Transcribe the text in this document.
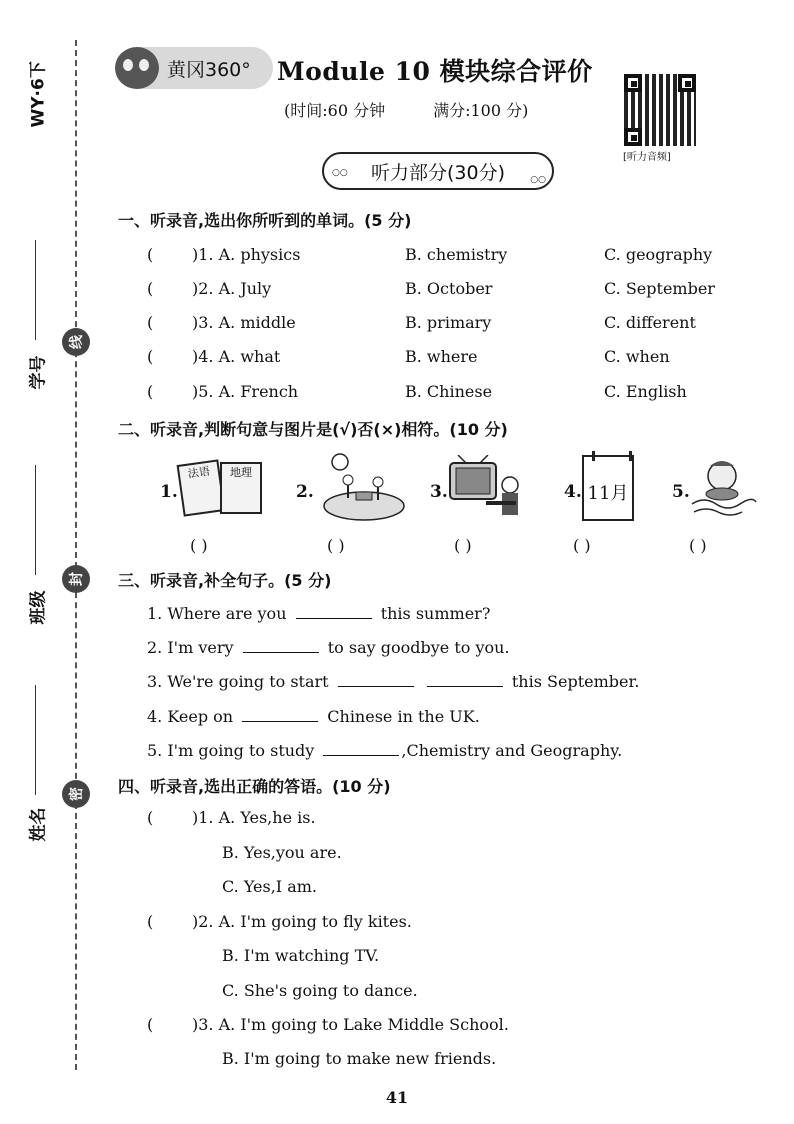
WY·6下
学号
班级
姓名
线
封
密
黄冈360° Module 10 模块综合评价
(时间:60 分钟	满分:100 分)
[听力音频]
○○ 听力部分(30分)	○○
一、听录音,选出你所听到的单词。(5 分)
( )1. A. physics	B. chemistry	C. geography
( )2. A. July	B. October	C. September
( )3. A. middle	B. primary	C. different
( )4. A. what	B. where	C. when
( )5. A. French	B. Chinese	C. English
二、听录音,判断句意与图片是(√)否(×)相符。(10 分)
1.
法语	地理
2.	3.	4. 11月	5.
( )	( )	( )	( )	( )
三、听录音,补全句子。(5 分)
1. Where are you	this summer?
2. I'm very	to say goodbye to you.
3. We're going to start	this September.
4. Keep on	Chinese in the UK.
5. I'm going to study	,Chemistry and Geography.
四、听录音,选出正确的答语。(10 分)
( )1. A. Yes,he is.
B. Yes,you are.
C. Yes,I am.
( )2. A. I'm going to fly kites.
B. I'm watching TV.
C. She's going to dance.
( )3. A. I'm going to Lake Middle School.
B. I'm going to make new friends.
41
